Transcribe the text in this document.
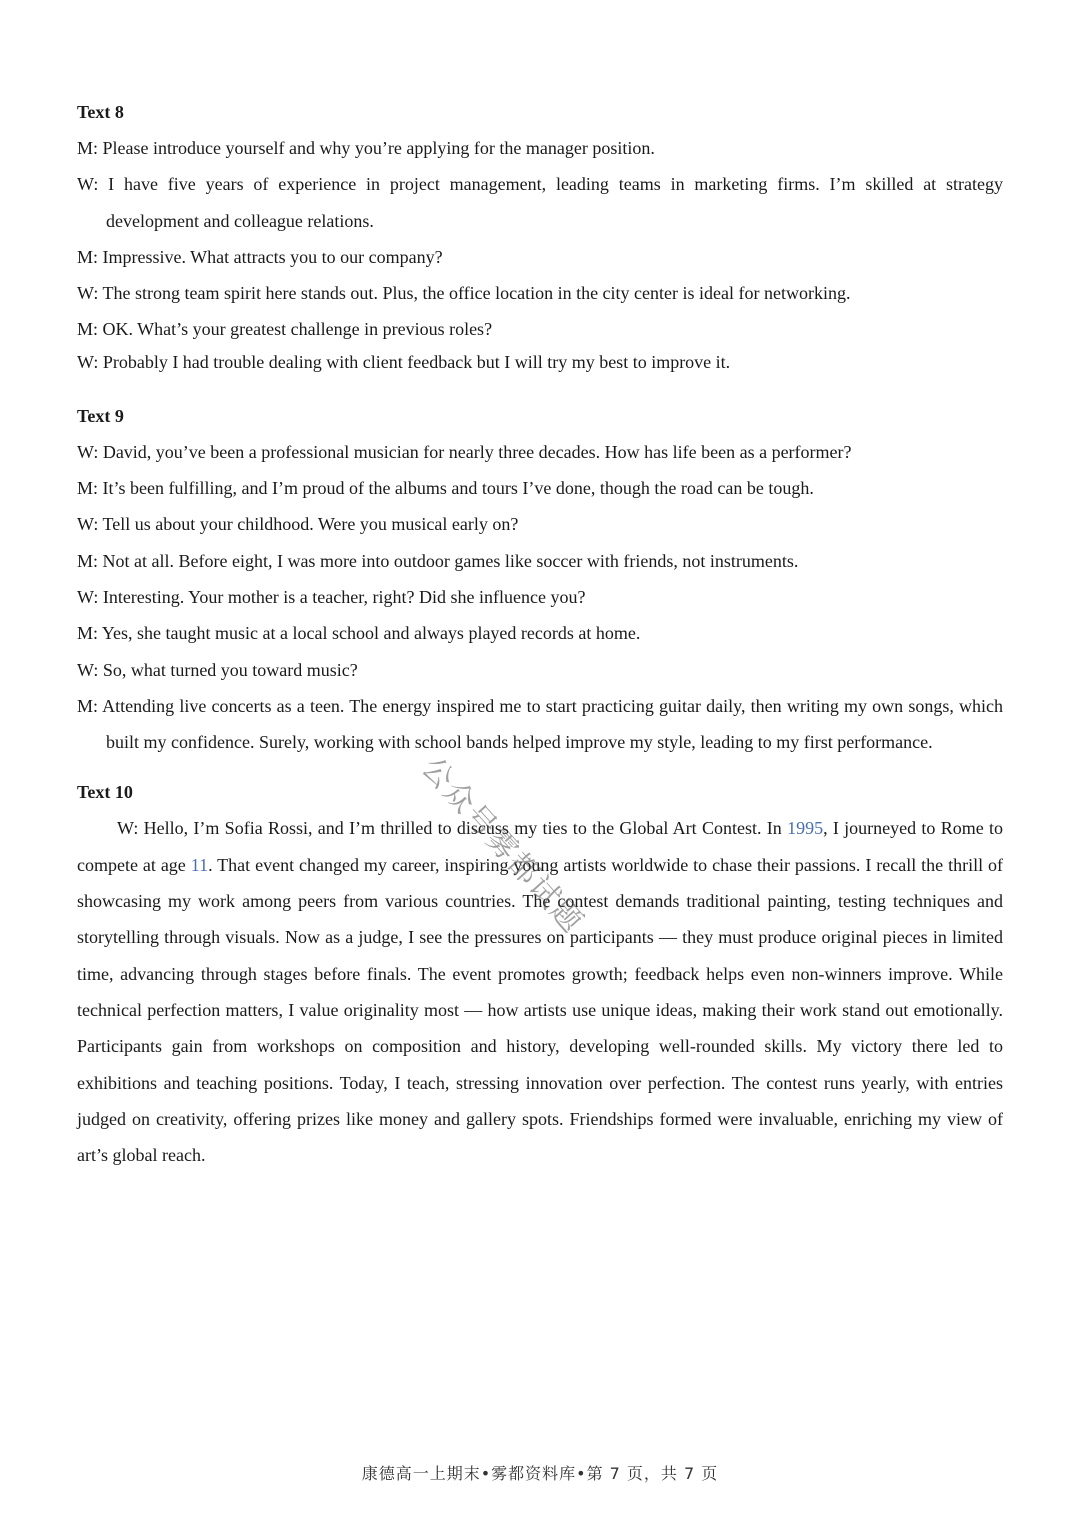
Text 8

M: Please introduce yourself and why you’re applying for the manager position.

W: I have five years of experience in project management, leading teams in marketing firms. I’m skilled at strategy development and colleague relations.

M: Impressive. What attracts you to our company?

W: The strong team spirit here stands out. Plus, the office location in the city center is ideal for networking.

M: OK. What’s your greatest challenge in previous roles?

W: Probably I had trouble dealing with client feedback but I will try my best to improve it.

Text 9

W: David, you’ve been a professional musician for nearly three decades. How has life been as a performer?

M: It’s been fulfilling, and I’m proud of the albums and tours I’ve done, though the road can be tough.

W: Tell us about your childhood. Were you musical early on?

M: Not at all. Before eight, I was more into outdoor games like soccer with friends, not instruments.

W: Interesting. Your mother is a teacher, right? Did she influence you?

M: Yes, she taught music at a local school and always played records at home.

W: So, what turned you toward music?

M: Attending live concerts as a teen. The energy inspired me to start practicing guitar daily, then writing my own songs, which built my confidence. Surely, working with school bands helped improve my style, leading to my first performance.

Text 10

W: Hello, I’m Sofia Rossi, and I’m thrilled to discuss my ties to the Global Art Contest. In 1995, I journeyed to Rome to compete at age 11. That event changed my career, inspiring young artists worldwide to chase their passions. I recall the thrill of showcasing my work among peers from various countries. The contest demands traditional painting, testing techniques and storytelling through visuals. Now as a judge, I see the pressures on participants — they must produce original pieces in limited time, advancing through stages before finals. The event promotes growth; feedback helps even non-winners improve. While technical perfection matters, I value originality most — how artists use unique ideas, making their work stand out emotionally. Participants gain from workshops on composition and history, developing well-rounded skills. My victory there led to exhibitions and teaching positions. Today, I teach, stressing innovation over perfection. The contest runs yearly, with entries judged on creativity, offering prizes like money and gallery spots. Friendships formed were invaluable, enriching my view of art’s global reach.

公众号雾都试题
康德高一上期末•雾都资料库•第 7 页，共 7 页
